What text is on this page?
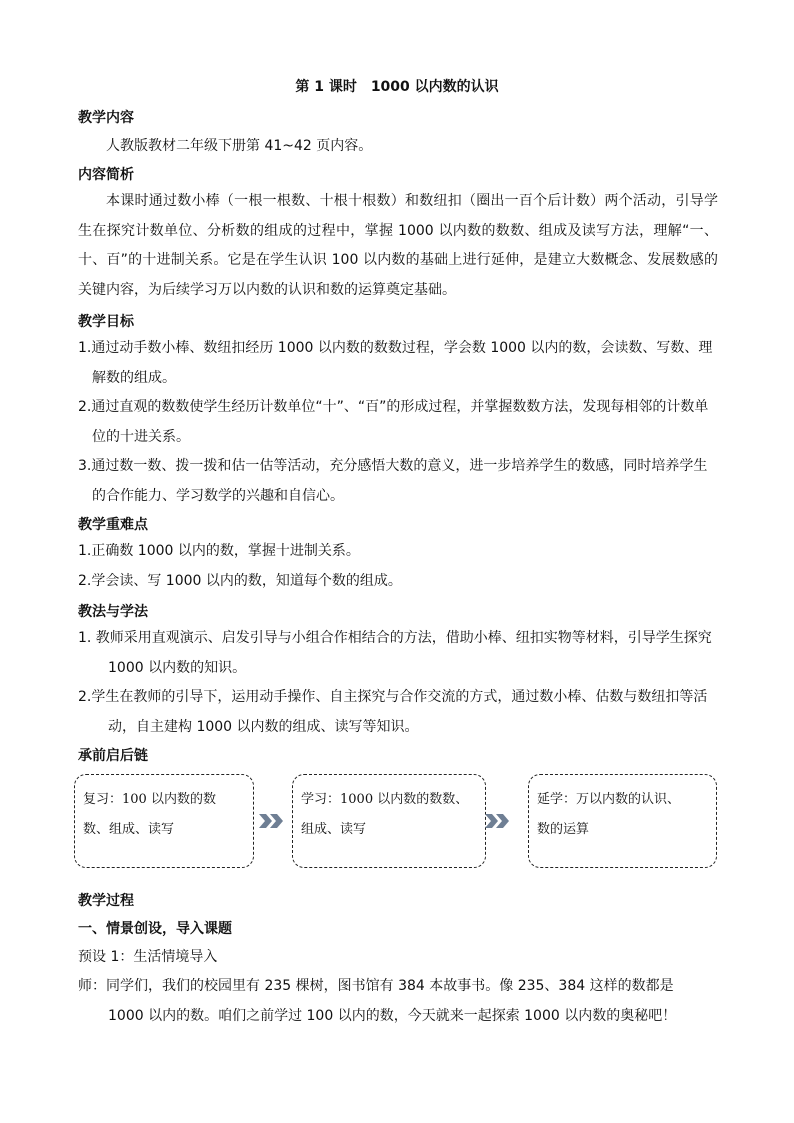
第 1 课时　1000 以内数的认识
教学内容
人教版教材二年级下册第 41~42 页内容。
内容简析
本课时通过数小棒（一根一根数、十根十根数）和数纽扣（圈出一百个后计数）两个活动，引导学生在探究计数单位、分析数的组成的过程中，掌握 1000 以内数的数数、组成及读写方法，理解“一、十、百”的十进制关系。它是在学生认识 100 以内数的基础上进行延伸，是建立大数概念、发展数感的关键内容，为后续学习万以内数的认识和数的运算奠定基础。
教学目标

1.通过动手数小棒、数纽扣经历 1000 以内数的数数过程，学会数 1000 以内的数，会读数、写数、理解数的组成。

2.通过直观的数数使学生经历计数单位“十”、“百”的形成过程，并掌握数数方法，发现每相邻的计数单位的十进关系。

3.通过数一数、拨一拨和估一估等活动，充分感悟大数的意义，进一步培养学生的数感，同时培养学生的合作能力、学习数学的兴趣和自信心。

教学重难点

1.正确数 1000 以内的数，掌握十进制关系。

2.学会读、写 1000 以内的数，知道每个数的组成。

教法与学法

1. 教师采用直观演示、启发引导与小组合作相结合的方法，借助小棒、纽扣实物等材料，引导学生探究 1000 以内数的知识。

2.学生在教师的引导下，运用动手操作、自主探究与合作交流的方式，通过数小棒、估数与数纽扣等活动，自主建构 1000 以内数的组成、读写等知识。

承前启后链
复习：100 以内数的数
数、组成、读写
学习：1000 以内数的数数、
组成、读写
延学：万以内数的认识、
数的运算
教学过程
一、情景创设，导入课题
预设 1：生活情境导入
师：同学们，我们的校园里有 235 棵树，图书馆有 384 本故事书。像 235、384 这样的数都是
1000 以内的数。咱们之前学过 100 以内的数，今天就来一起探索 1000 以内数的奥秘吧！
